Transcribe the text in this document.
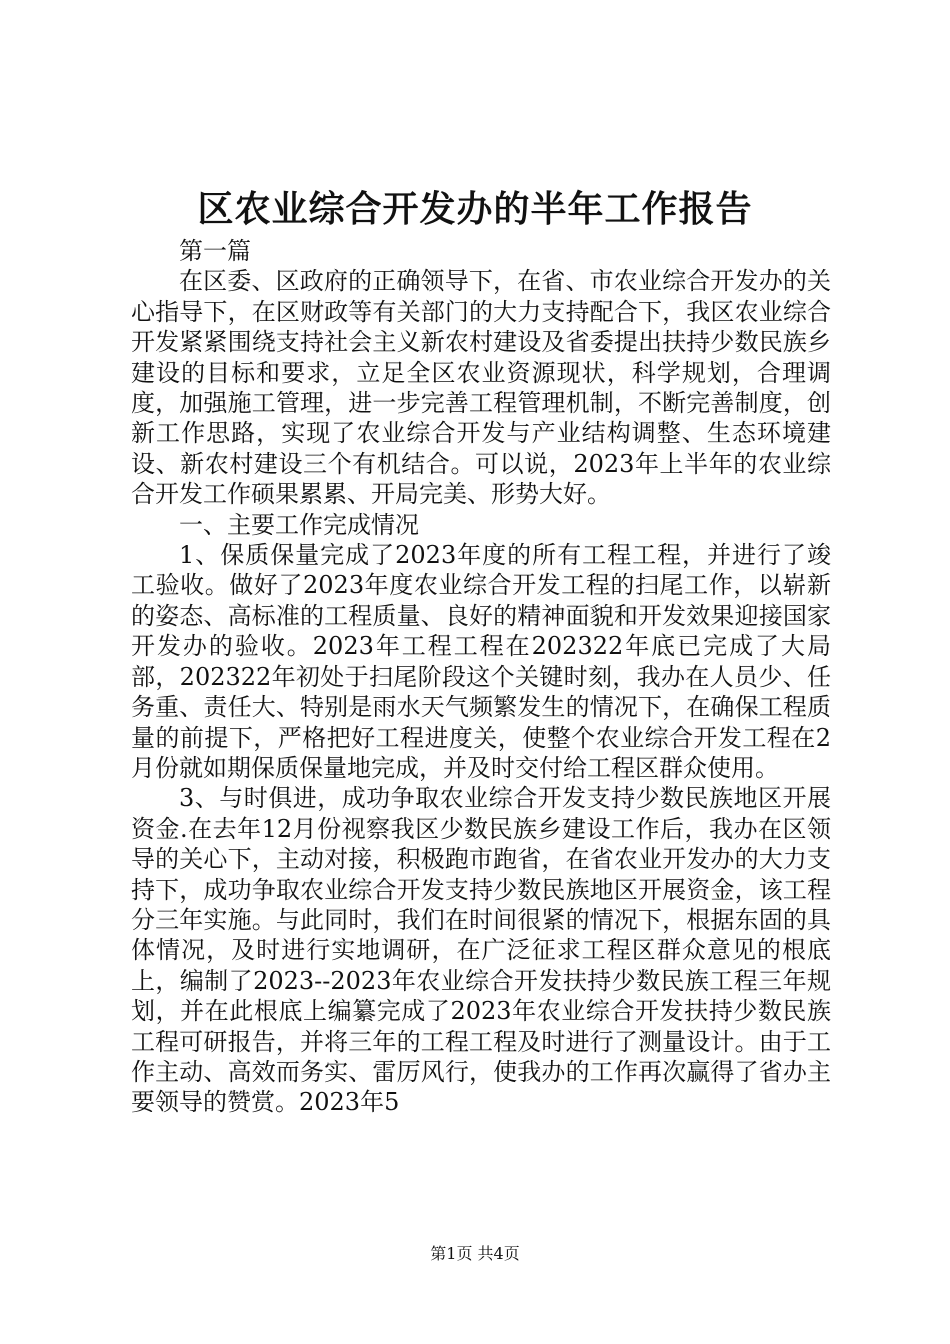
区农业综合开发办的半年工作报告

第一篇

在区委、区政府的正确领导下，在省、市农业综合开发办的关心指导下，在区财政等有关部门的大力支持配合下，我区农业综合开发紧紧围绕支持社会主义新农村建设及省委提出扶持少数民族乡建设的目标和要求，立足全区农业资源现状，科学规划，合理调度，加强施工管理，进一步完善工程管理机制，不断完善制度，创新工作思路，实现了农业综合开发与产业结构调整、生态环境建设、新农村建设三个有机结合。可以说，2023年上半年的农业综合开发工作硕果累累、开局完美、形势大好。

一、主要工作完成情况

1、保质保量完成了2023年度的所有工程工程，并进行了竣工验收。做好了2023年度农业综合开发工程的扫尾工作，以崭新的姿态、高标准的工程质量、良好的精神面貌和开发效果迎接国家开发办的验收。2023年工程工程在202322年底已完成了大局部，202322年初处于扫尾阶段这个关键时刻，我办在人员少、任务重、责任大、特别是雨水天气频繁发生的情况下，在确保工程质量的前提下，严格把好工程进度关，使整个农业综合开发工程在2月份就如期保质保量地完成，并及时交付给工程区群众使用。

3、与时俱进，成功争取农业综合开发支持少数民族地区开展资金.在去年12月份视察我区少数民族乡建设工作后，我办在区领导的关心下，主动对接，积极跑市跑省，在省农业开发办的大力支持下，成功争取农业综合开发支持少数民族地区开展资金，该工程分三年实施。与此同时，我们在时间很紧的情况下，根据东固的具体情况，及时进行实地调研，在广泛征求工程区群众意见的根底上，编制了2023--2023年农业综合开发扶持少数民族工程三年规划，并在此根底上编纂完成了2023年农业综合开发扶持少数民族工程可研报告，并将三年的工程工程及时进行了测量设计。由于工作主动、高效而务实、雷厉风行，使我办的工作再次赢得了省办主要领导的赞赏。2023年5

第1页 共4页
